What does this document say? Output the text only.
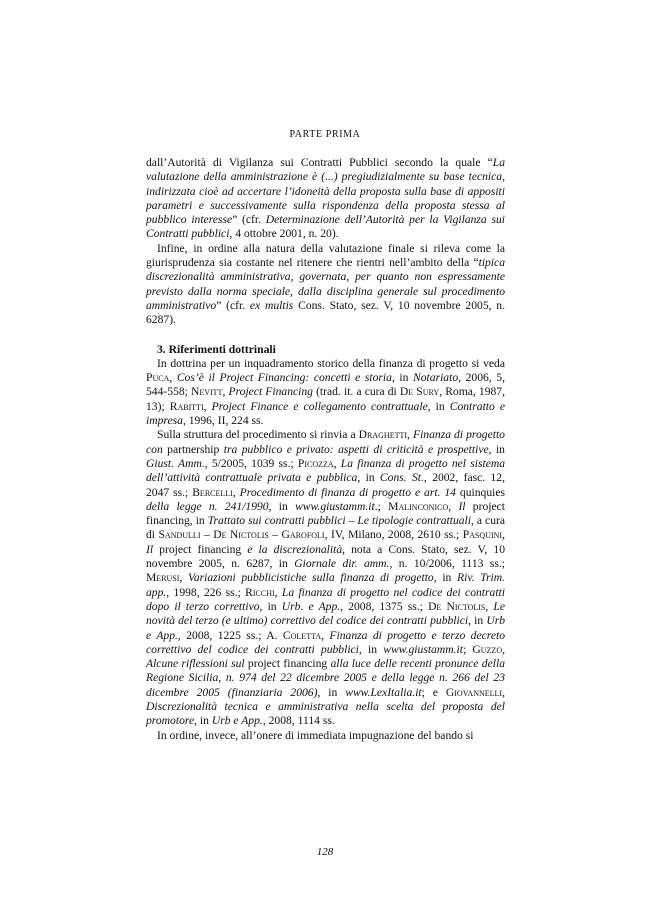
PARTE PRIMA

dall’Autorità di Vigilanza sui Contratti Pubblici secondo la quale “La valutazione della amministrazione è (...) pregiudizialmente su base tecnica, indirizzata cioè ad accertare l’idoneità della proposta sulla base di appositi parametri e successivamente sulla rispondenza della proposta stessa al pubblico interesse” (cfr. Determinazione dell’Autorità per la Vigilanza sui Contratti pubblici, 4 ottobre 2001, n. 20).

Infine, in ordine alla natura della valutazione finale si rileva come la giurisprudenza sia costante nel ritenere che rientri nell’ambito della “tipica discrezionalità amministrativa, governata, per quanto non espressamente previsto dalla norma speciale, dalla disciplina generale sul procedimento amministrativo” (cfr. ex multis Cons. Stato, sez. V, 10 novembre 2005, n. 6287).

3. Riferimenti dottrinali

In dottrina per un inquadramento storico della finanza di progetto si veda Puca, Cos’è il Project Financing: concetti e storia, in Notariato, 2006, 5, 544-558; Nevitt, Project Financing (trad. it. a cura di De Sury, Roma, 1987, 13); Rabitti, Project Finance e collegamento contrattuale, in Contratto e impresa, 1996, II, 224 ss.

Sulla struttura del procedimento si rinvia a Draghetti, Finanza di progetto con partnership tra pubblico e privato: aspetti di criticità e prospettive, in Giust. Amm., 5/2005, 1039 ss.; Picozza, La finanza di progetto nel sistema dell’attività contrattuale privata e pubblica, in Cons. St., 2002, fasc. 12, 2047 ss.; Bercelli, Procedimento di finanza di progetto e art. 14 quinquies della legge n. 241/1990, in www.giustamm.it.; Malinconico, Il project financing, in Trattato sui contratti pubblici – Le tipologie contrattuali, a cura di Sandulli – De Nictolis – Garofoli, IV, Milano, 2008, 2610 ss.; Pasquini, Il project financing e la discrezionalità, nota a Cons. Stato, sez. V, 10 novembre 2005, n. 6287, in Giornale dir. amm., n. 10/2006, 1113 ss.; Merusi, Variazioni pubblicistiche sulla finanza di progetto, in Riv. Trim. app., 1998, 226 ss.; Ricchi, La finanza di progetto nel codice dei contratti dopo il terzo correttivo, in Urb. e App., 2008, 1375 ss.; De Nictolis, Le novità del terzo (e ultimo) correttivo del codice dei contratti pubblici, in Urb e App., 2008, 1225 ss.; A. Coletta, Finanza di progetto e terzo decreto correttivo del codice dei contratti pubblici, in www.giustamm.it; Guzzo, Alcune riflessioni sul project financing alla luce delle recenti pronunce della Regione Sicilia, n. 974 del 22 dicembre 2005 e della legge n. 266 del 23 dicembre 2005 (finanziaria 2006), in www.LexItalia.it; e Giovannelli, Discrezionalità tecnica e amministrativa nella scelta del proposta del promotore, in Urb e App., 2008, 1114 ss.

In ordine, invece, all’onere di immediata impugnazione del bando si

128
